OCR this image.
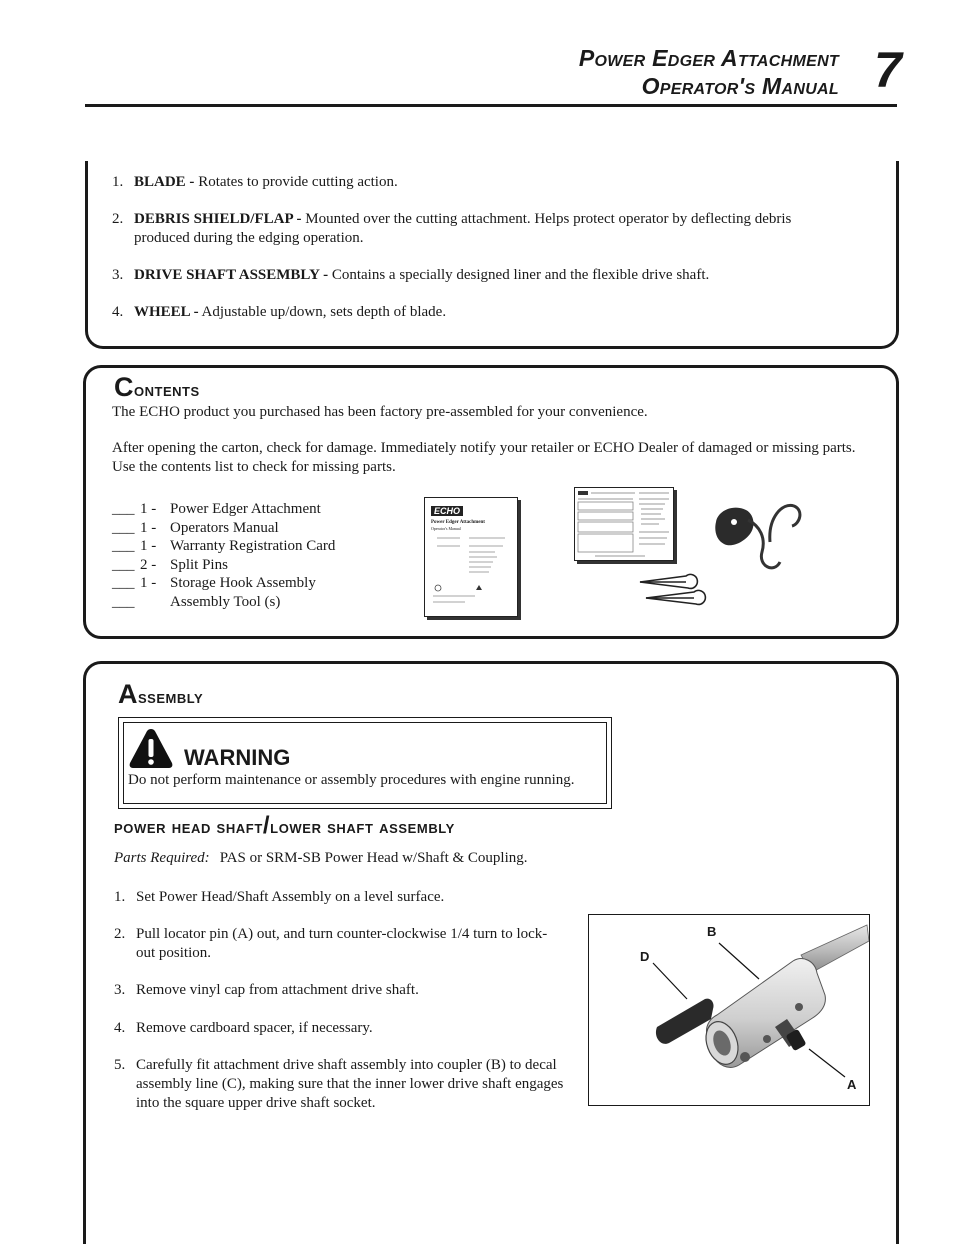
Power Edger Attachment
Operator's Manual 7
1. BLADE - Rotates to provide cutting action.
2. DEBRIS SHIELD/FLAP - Mounted over the cutting attachment. Helps protect operator by deflecting debris produced during the edging operation.
3. DRIVE SHAFT ASSEMBLY - Contains a specially designed liner and the flexible drive shaft.
4. WHEEL - Adjustable up/down, sets depth of blade.
Contents
The ECHO product you purchased has been factory pre-assembled for your convenience.
After opening the carton, check for damage. Immediately notify your retailer or ECHO Dealer of damaged or missing parts. Use the contents list to check for missing parts.
___ 1 - Power Edger Attachment
___ 1 - Operators Manual
___ 1 - Warranty Registration Card
___ 2 - Split Pins
___ 1 - Storage Hook Assembly
___ Assembly Tool (s)
ECHO
Power Edger Attachment
Operator's Manual
Assembly
WARNING
Do not perform maintenance or assembly procedures with engine running.
power head shaft/lower shaft assembly
Parts Required: PAS or SRM-SB Power Head w/Shaft & Coupling.
1. Set Power Head/Shaft Assembly on a level surface.
2. Pull locator pin (A) out, and turn counter-clockwise 1/4 turn to lock-out position.
3. Remove vinyl cap from attachment drive shaft.
4. Remove cardboard spacer, if necessary.
5. Carefully fit attachment drive shaft assembly into coupler (B) to decal assembly line (C), making sure that the inner lower drive shaft engages into the square upper drive shaft socket.
B
D
A
